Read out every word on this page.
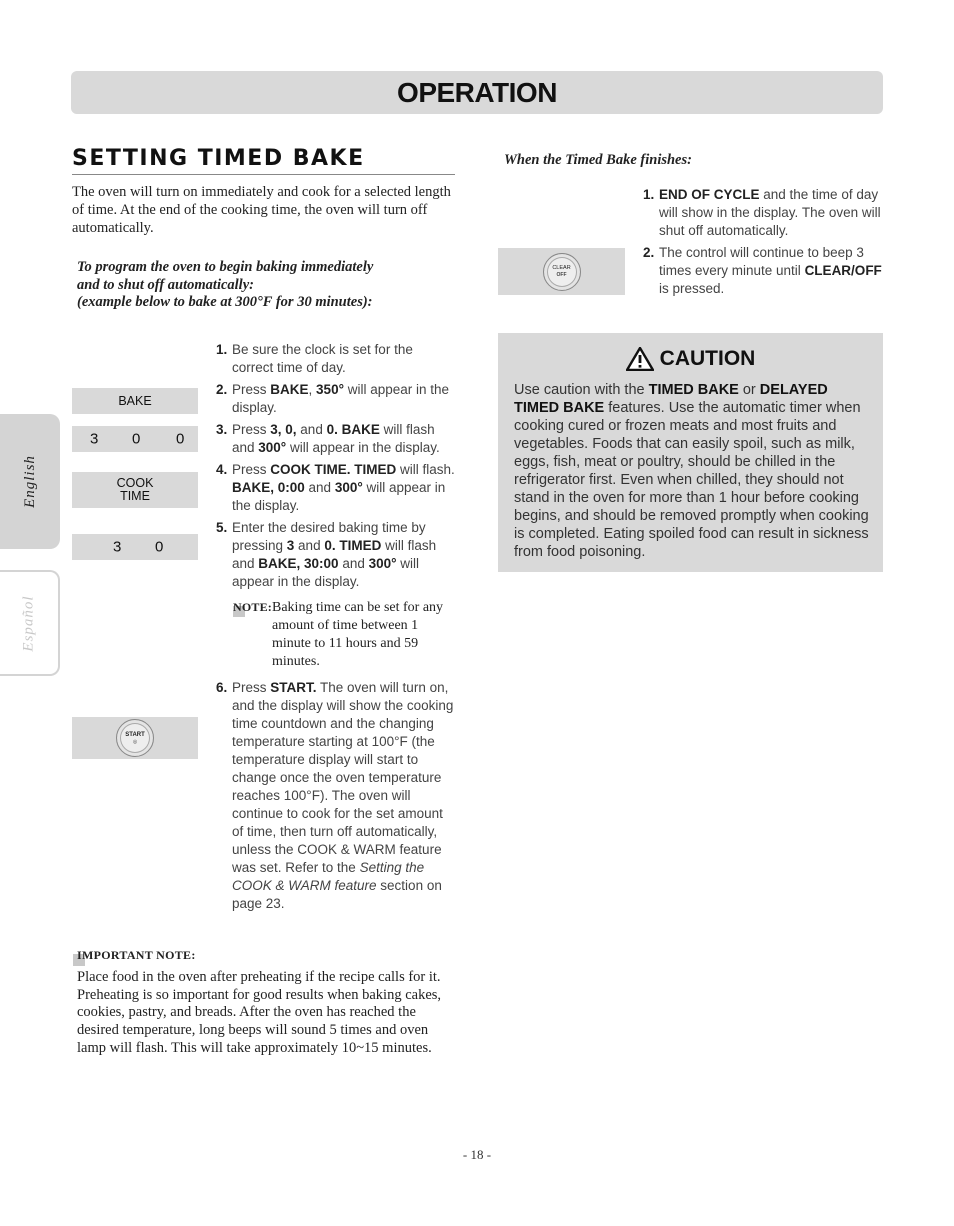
OPERATION
SETTING TIMED BAKE

The oven will turn on immediately and cook for a selected length of time. At the end of the cooking time, the oven will turn off automatically.

To program the oven to begin baking immediately
and to shut off automatically:
(example below to bake at 300°F for 30 minutes):
BAKE
3 0 0
COOK
TIME
3 0
START
◎
1. Be sure the clock is set for the correct time of day.
2. Press BAKE, 350° will appear in the display.
3. Press 3, 0, and 0. BAKE will flash and 300° will appear in the display.
4. Press COOK TIME. TIMED will flash. BAKE, 0:00 and 300° will appear in the display.
5. Enter the desired baking time by pressing 3 and 0. TIMED will flash and BAKE, 30:00 and 300° will appear in the display.
NOTE: Baking time can be set for any amount of time between 1 minute to 11 hours and 59 minutes.
6. Press START. The oven will turn on, and the display will show the cooking time countdown and the changing temperature starting at 100°F (the temperature display will start to change once the oven temperature reaches 100°F). The oven will continue to cook for the set amount of time, then turn off automatically, unless the COOK & WARM feature was set. Refer to the Setting the COOK & WARM feature section on page 23.
IMPORTANT NOTE:

Place food in the oven after preheating if the recipe calls for it. Preheating is so important for good results when baking cakes, cookies, pastry, and breads. After the oven has reached the desired temperature, long beeps will sound 5 times and oven lamp will flash. This will take approximately 10~15 minutes.

When the Timed Bake finishes:
1. END OF CYCLE and the time of day will show in the display. The oven will shut off automatically.
2. The control will continue to beep 3 times every minute until CLEAR/OFF is pressed.
CLEAR
OFF
CAUTION

Use caution with the TIMED BAKE or DELAYED TIMED BAKE features. Use the automatic timer when cooking cured or frozen meats and most fruits and vegetables. Foods that can easily spoil, such as milk, eggs, fish, meat or poultry, should be chilled in the refrigerator first. Even when chilled, they should not stand in the oven for more than 1 hour before cooking begins, and should be removed promptly when cooking is completed. Eating spoiled food can result in sickness from food poisoning.

English
Español
- 18 -
